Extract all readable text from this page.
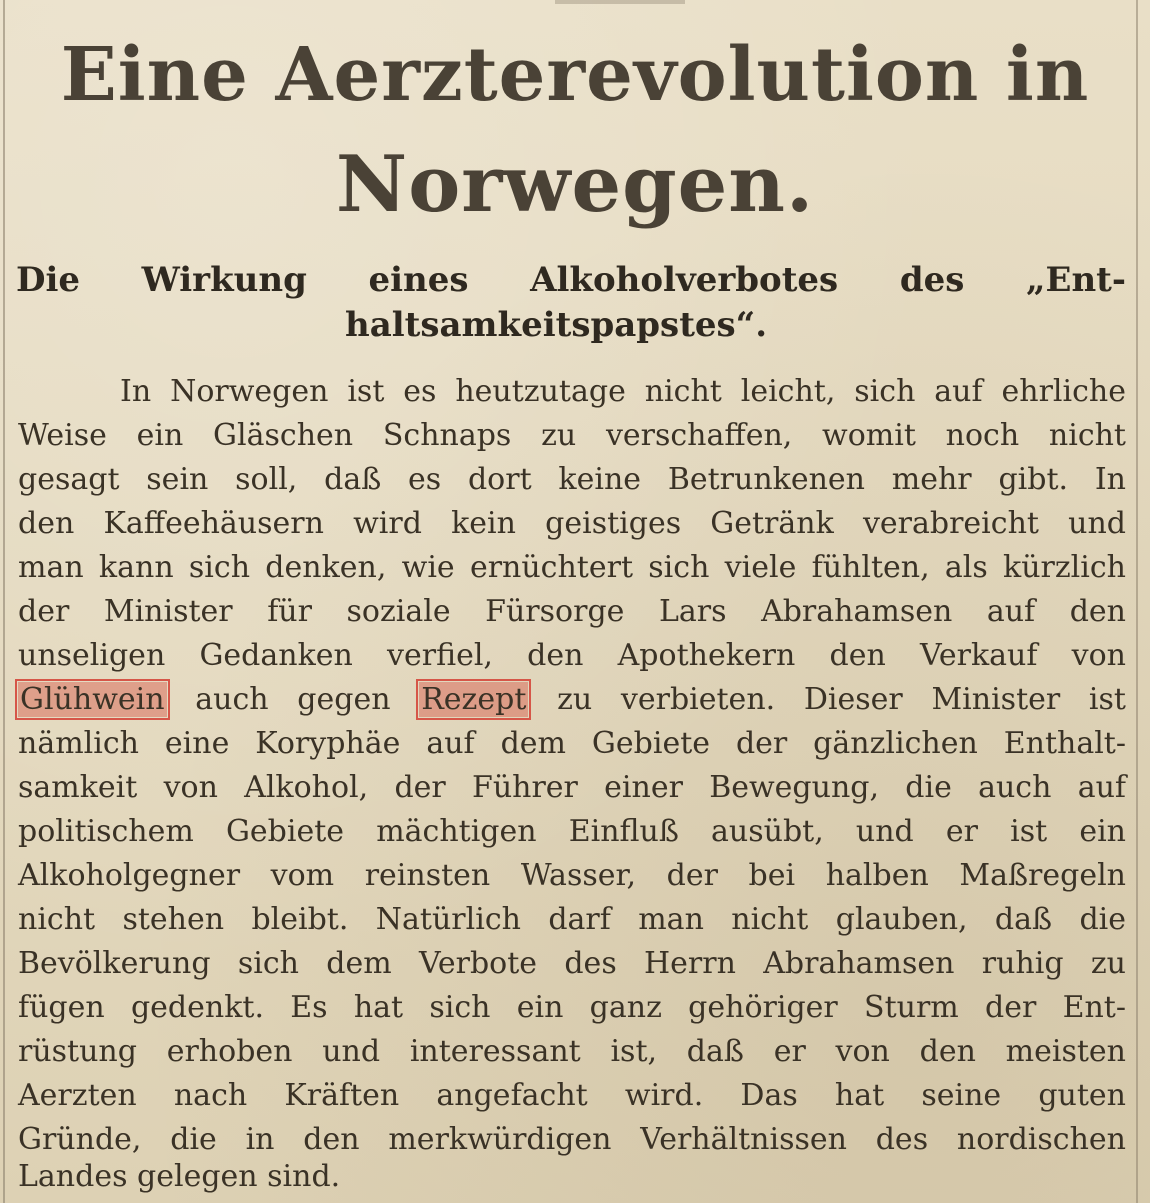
Eine Aerzterevolution in
Norwegen.
Die Wirkung eines Alkoholverbotes des „Ent-
haltsamkeitspapstes“.

In Norwegen ist es heutzutage nicht leicht, sich auf ehrliche

Weise ein Gläschen Schnaps zu verschaffen, womit noch nicht

gesagt sein soll, daß es dort keine Betrunkenen mehr gibt. In

den Kaffeehäusern wird kein geistiges Getränk verabreicht und

man kann sich denken, wie ernüchtert sich viele fühlten, als kürzlich

der Minister für soziale Fürsorge Lars Abrahamsen auf den

unseligen Gedanken verfiel, den Apothekern den Verkauf von

Glühwein auch gegen Rezept zu verbieten. Dieser Minister ist

nämlich eine Koryphäe auf dem Gebiete der gänzlichen Enthalt-

samkeit von Alkohol, der Führer einer Bewegung, die auch auf

politischem Gebiete mächtigen Einfluß ausübt, und er ist ein

Alkoholgegner vom reinsten Wasser, der bei halben Maßregeln

nicht stehen bleibt. Natürlich darf man nicht glauben, daß die

Bevölkerung sich dem Verbote des Herrn Abrahamsen ruhig zu

fügen gedenkt. Es hat sich ein ganz gehöriger Sturm der Ent-

rüstung erhoben und interessant ist, daß er von den meisten

Aerzten nach Kräften angefacht wird. Das hat seine guten

Gründe, die in den merkwürdigen Verhältnissen des nordischen

Landes gelegen sind.
